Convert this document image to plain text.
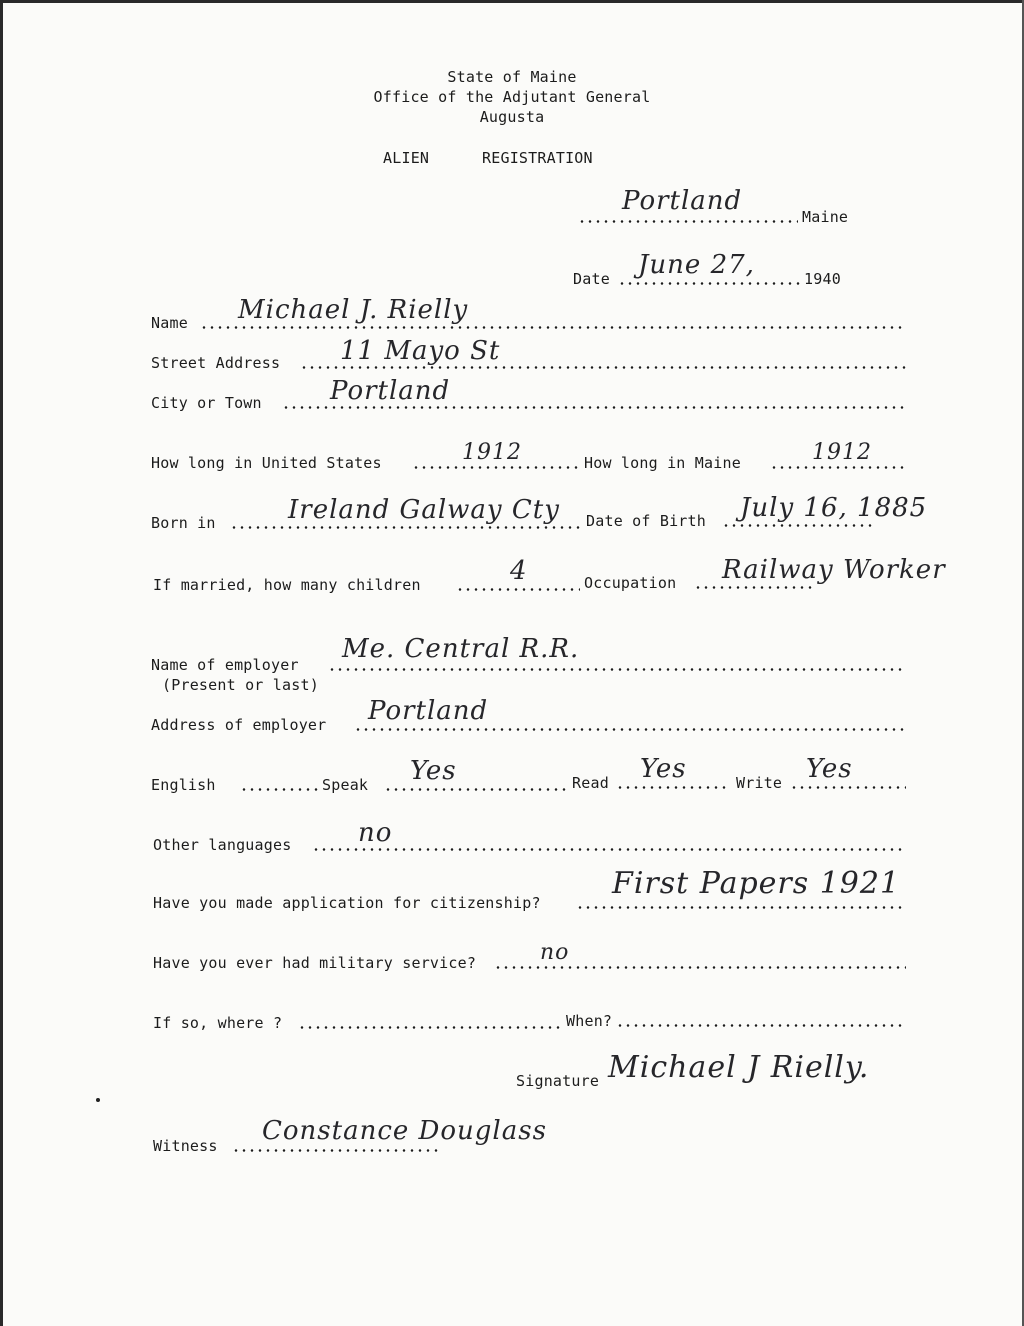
State of Maine
Office of the Adjutant General
Augusta
ALIEN	REGISTRATION
Portland
Maine
Date June 27,	1940
Name Michael J. Rielly
Street Address 11 Mayo St
City or Town	Portland
How long in United States	1912	How long in Maine	1912
Born in	Ireland Galway Cty Date of Birth July 16, 1885
If married, how many children	4	Occupation Railway Worker
Name of employer
Me. Central R.R.
(Present or last)
Address of employer Portland
English	Speak Yes	Read Yes	Write Yes
Other languages	no
Have you made application for citizenship?
First Papers 1921
Have you ever had military service?	no
If so, where ?	When?
Signature Michael J Rielly.
Witness Constance Douglass
